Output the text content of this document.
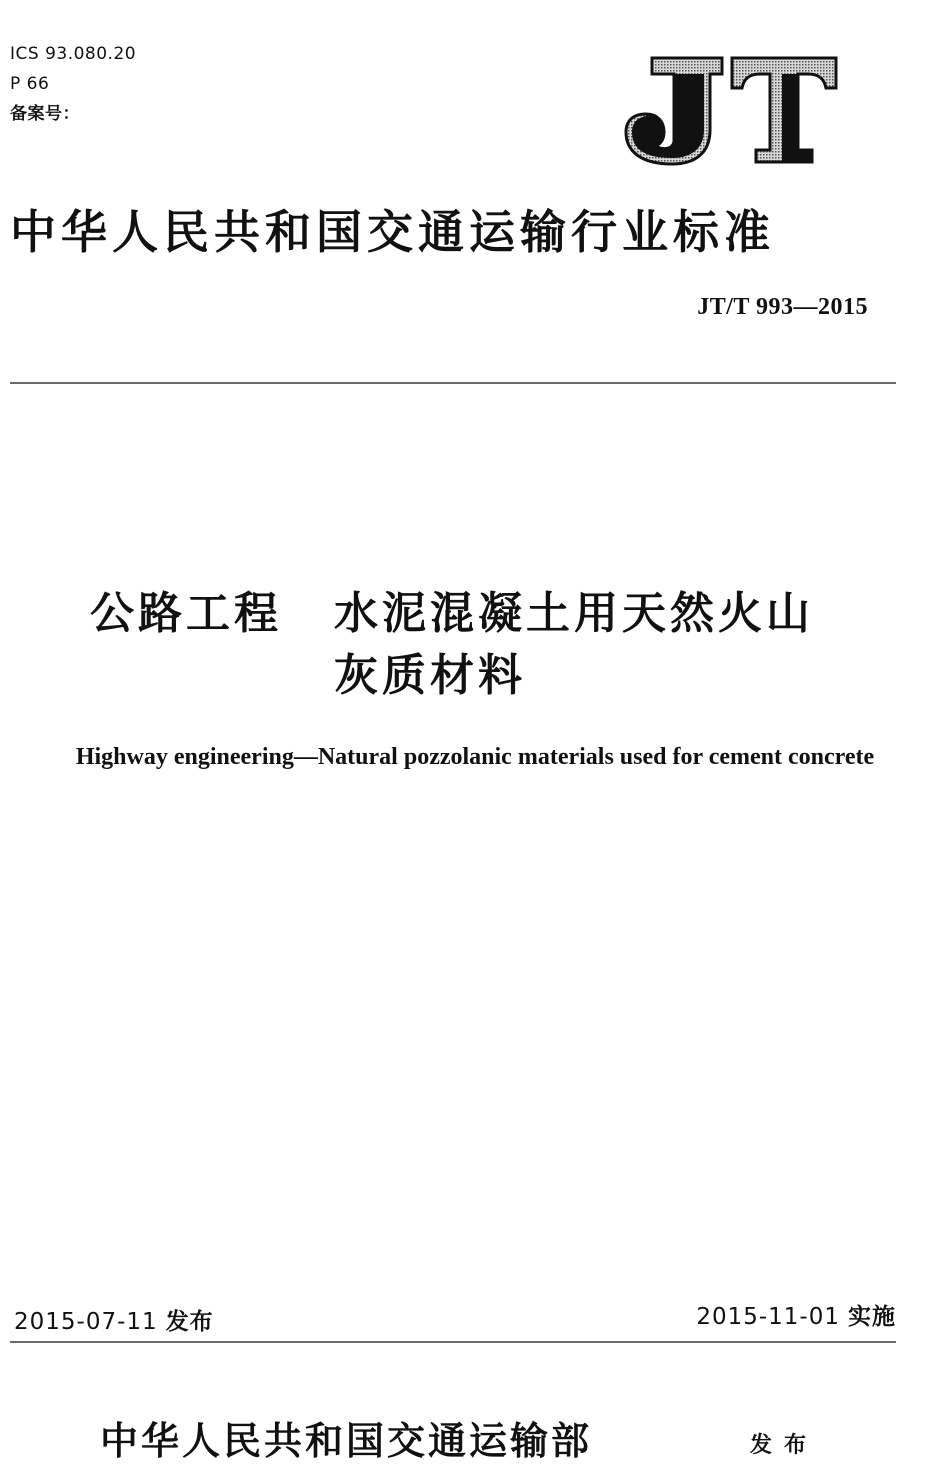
ICS 93.080.20
P 66
备案号：
中华人民共和国交通运输行业标准
JT/T 993—2015
公路工程 水泥混凝土用天然火山
灰质材料
Highway engineering—Natural pozzolanic materials used for cement concrete
2015-07-11 发布	2015-11-01 实施
中华人民共和国交通运输部	发布
